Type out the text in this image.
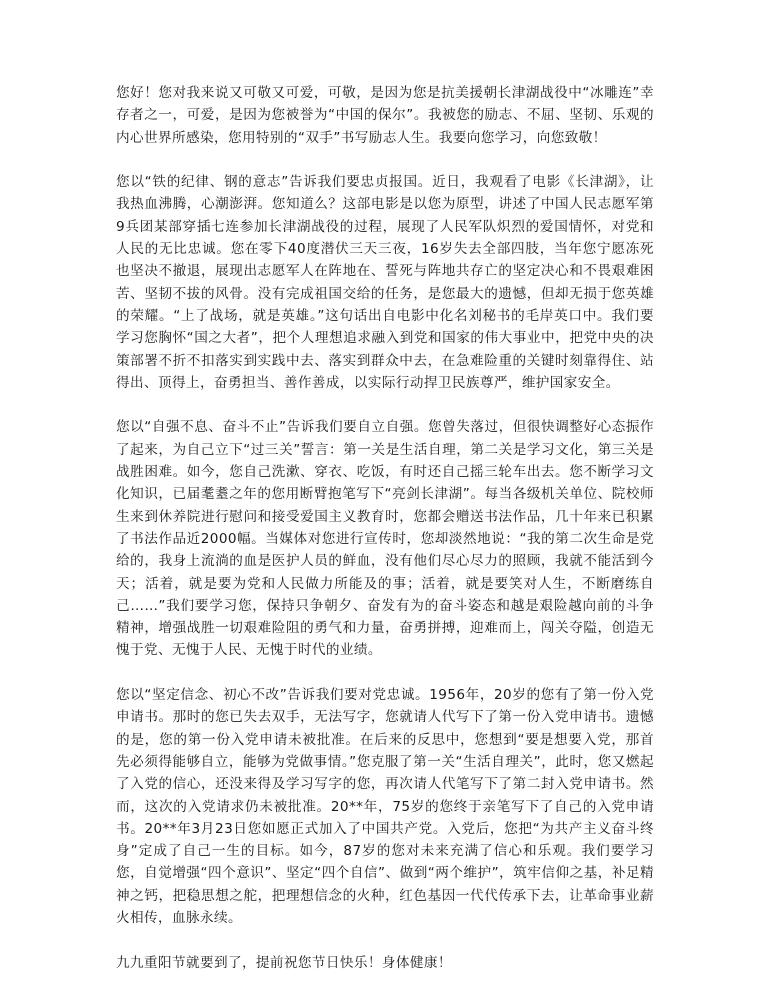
您好！您对我来说又可敬又可爱，可敬，是因为您是抗美援朝长津湖战役中“冰雕连”幸存者之一，可爱，是因为您被誉为“中国的保尔”。我被您的励志、不屈、坚韧、乐观的内心世界所感染，您用特别的“双手”书写励志人生。我要向您学习，向您致敬！

您以“铁的纪律、钢的意志”告诉我们要忠贞报国。近日，我观看了电影《长津湖》，让我热血沸腾，心潮澎湃。您知道么？这部电影是以您为原型，讲述了中国人民志愿军第9兵团某部穿插七连参加长津湖战役的过程，展现了人民军队炽烈的爱国情怀，对党和人民的无比忠诚。您在零下40度潜伏三天三夜，16岁失去全部四肢，当年您宁愿冻死也坚决不撤退，展现出志愿军人在阵地在、誓死与阵地共存亡的坚定决心和不畏艰难困苦、坚韧不拔的风骨。没有完成祖国交给的任务，是您最大的遗憾，但却无损于您英雄的荣耀。“上了战场，就是英雄。”这句话出自电影中化名刘秘书的毛岸英口中。我们要学习您胸怀“国之大者”，把个人理想追求融入到党和国家的伟大事业中，把党中央的决策部署不折不扣落实到实践中去、落实到群众中去，在急难险重的关键时刻靠得住、站得出、顶得上，奋勇担当、善作善成，以实际行动捍卫民族尊严，维护国家安全。

您以“自强不息、奋斗不止”告诉我们要自立自强。您曾失落过，但很快调整好心态振作了起来，为自己立下“过三关”誓言：第一关是生活自理，第二关是学习文化，第三关是战胜困难。如今，您自己洗漱、穿衣、吃饭，有时还自己摇三轮车出去。您不断学习文化知识，已届耄耋之年的您用断臂抱笔写下“亮剑长津湖”。每当各级机关单位、院校师生来到休养院进行慰问和接受爱国主义教育时，您都会赠送书法作品，几十年来已积累了书法作品近2000幅。当媒体对您进行宣传时，您却淡然地说：“我的第二次生命是党给的，我身上流淌的血是医护人员的鲜血，没有他们尽心尽力的照顾，我就不能活到今天；活着，就是要为党和人民做力所能及的事；活着，就是要笑对人生，不断磨练自己……”我们要学习您，保持只争朝夕、奋发有为的奋斗姿态和越是艰险越向前的斗争精神，增强战胜一切艰难险阻的勇气和力量，奋勇拼搏，迎难而上，闯关夺隘，创造无愧于党、无愧于人民、无愧于时代的业绩。

您以“坚定信念、初心不改”告诉我们要对党忠诚。1956年，20岁的您有了第一份入党申请书。那时的您已失去双手，无法写字，您就请人代写下了第一份入党申请书。遗憾的是，您的第一份入党申请未被批准。在后来的反思中，您想到“要是想要入党，那首先必须得能够自立，能够为党做事情。”您克服了第一关“生活自理关”，此时，您又燃起了入党的信心，还没来得及学习写字的您，再次请人代笔写下了第二封入党申请书。然而，这次的入党请求仍未被批准。20**年，75岁的您终于亲笔写下了自己的入党申请书。20**年3月23日您如愿正式加入了中国共产党。入党后，您把“为共产主义奋斗终身”定成了自己一生的目标。如今，87岁的您对未来充满了信心和乐观。我们要学习您，自觉增强“四个意识”、坚定“四个自信”、做到“两个维护”，筑牢信仰之基，补足精神之钙，把稳思想之舵，把理想信念的火种，红色基因一代代传承下去，让革命事业薪火相传，血脉永续。

九九重阳节就要到了，提前祝您节日快乐！身体健康！
